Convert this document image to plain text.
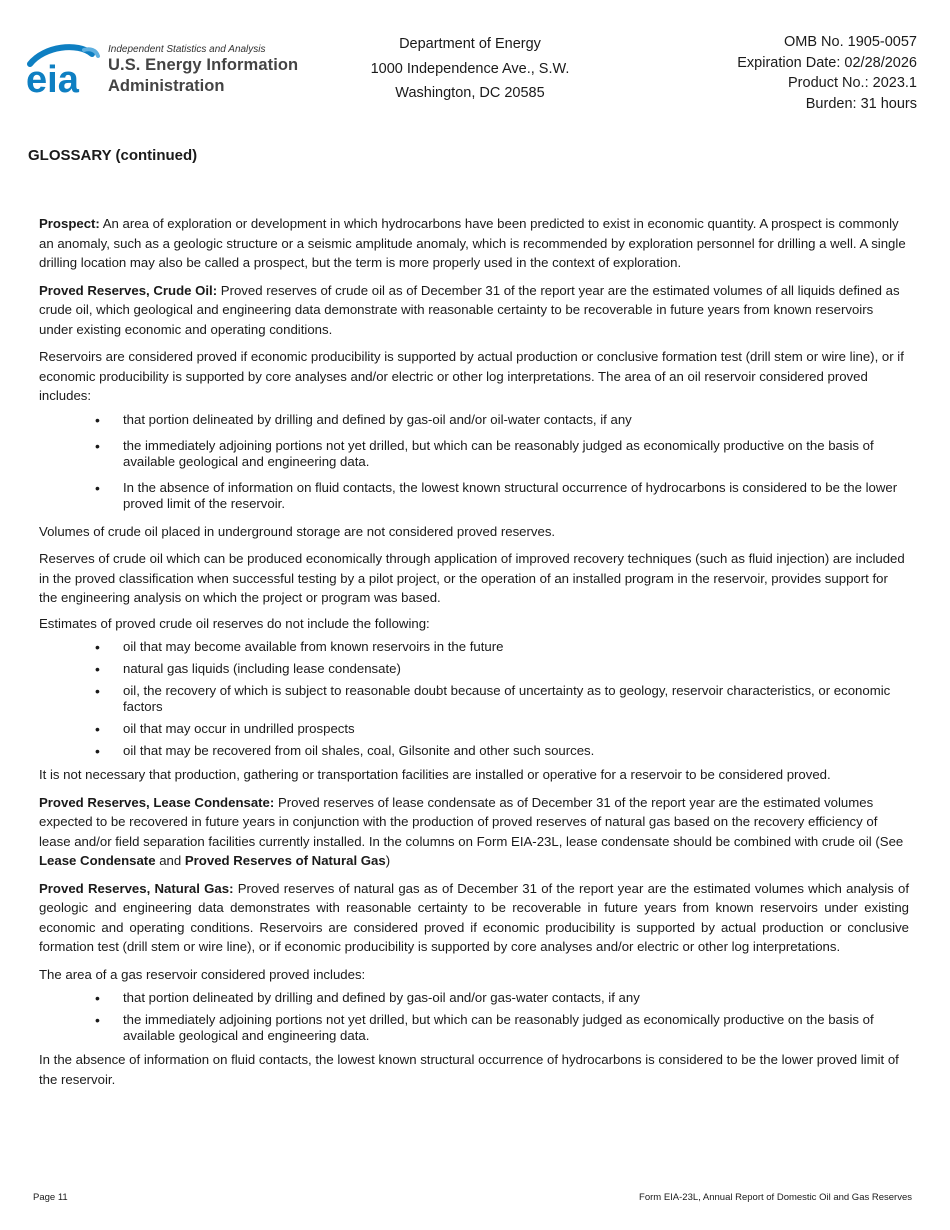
eia
Independent Statistics and Analysis
U.S. Energy Information
Administration
Department of Energy
1000 Independence Ave., S.W.
Washington, DC 20585
OMB No. 1905-0057
Expiration Date: 02/28/2026
Product No.: 2023.1
Burden: 31 hours
GLOSSARY (continued)

Prospect: An area of exploration or development in which hydrocarbons have been predicted to exist in economic quantity. A prospect is commonly an anomaly, such as a geologic structure or a seismic amplitude anomaly, which is recommended by exploration personnel for drilling a well. A single drilling location may also be called a prospect, but the term is more properly used in the context of exploration.

Proved Reserves, Crude Oil: Proved reserves of crude oil as of December 31 of the report year are the estimated volumes of all liquids defined as crude oil, which geological and engineering data demonstrate with reasonable certainty to be recoverable in future years from known reservoirs under existing economic and operating conditions.

Reservoirs are considered proved if economic producibility is supported by actual production or conclusive formation test (drill stem or wire line), or if economic producibility is supported by core analyses and/or electric or other log interpretations. The area of an oil reservoir considered proved includes:

• that portion delineated by drilling and defined by gas-oil and/or oil-water contacts, if any
• the immediately adjoining portions not yet drilled, but which can be reasonably judged as economically productive on the basis of available geological and engineering data.
• In the absence of information on fluid contacts, the lowest known structural occurrence of hydrocarbons is considered to be the lower proved limit of the reservoir.

Volumes of crude oil placed in underground storage are not considered proved reserves.

Reserves of crude oil which can be produced economically through application of improved recovery techniques (such as fluid injection) are included in the proved classification when successful testing by a pilot project, or the operation of an installed program in the reservoir, provides support for the engineering analysis on which the project or program was based.

Estimates of proved crude oil reserves do not include the following:

• oil that may become available from known reservoirs in the future
• natural gas liquids (including lease condensate)
• oil, the recovery of which is subject to reasonable doubt because of uncertainty as to geology, reservoir characteristics, or economic factors
• oil that may occur in undrilled prospects
• oil that may be recovered from oil shales, coal, Gilsonite and other such sources.

It is not necessary that production, gathering or transportation facilities are installed or operative for a reservoir to be considered proved.

Proved Reserves, Lease Condensate: Proved reserves of lease condensate as of December 31 of the report year are the estimated volumes expected to be recovered in future years in conjunction with the production of proved reserves of natural gas based on the recovery efficiency of lease and/or field separation facilities currently installed. In the columns on Form EIA-23L, lease condensate should be combined with crude oil (See Lease Condensate and Proved Reserves of Natural Gas)

Proved Reserves, Natural Gas: Proved reserves of natural gas as of December 31 of the report year are the estimated volumes which analysis of geologic and engineering data demonstrates with reasonable certainty to be recoverable in future years from known reservoirs under existing economic and operating conditions. Reservoirs are considered proved if economic producibility is supported by actual production or conclusive formation test (drill stem or wire line), or if economic producibility is supported by core analyses and/or electric or other log interpretations.

The area of a gas reservoir considered proved includes:

• that portion delineated by drilling and defined by gas-oil and/or gas-water contacts, if any
• the immediately adjoining portions not yet drilled, but which can be reasonably judged as economically productive on the basis of available geological and engineering data.

In the absence of information on fluid contacts, the lowest known structural occurrence of hydrocarbons is considered to be the lower proved limit of the reservoir.

Page 11	Form EIA-23L, Annual Report of Domestic Oil and Gas Reserves
